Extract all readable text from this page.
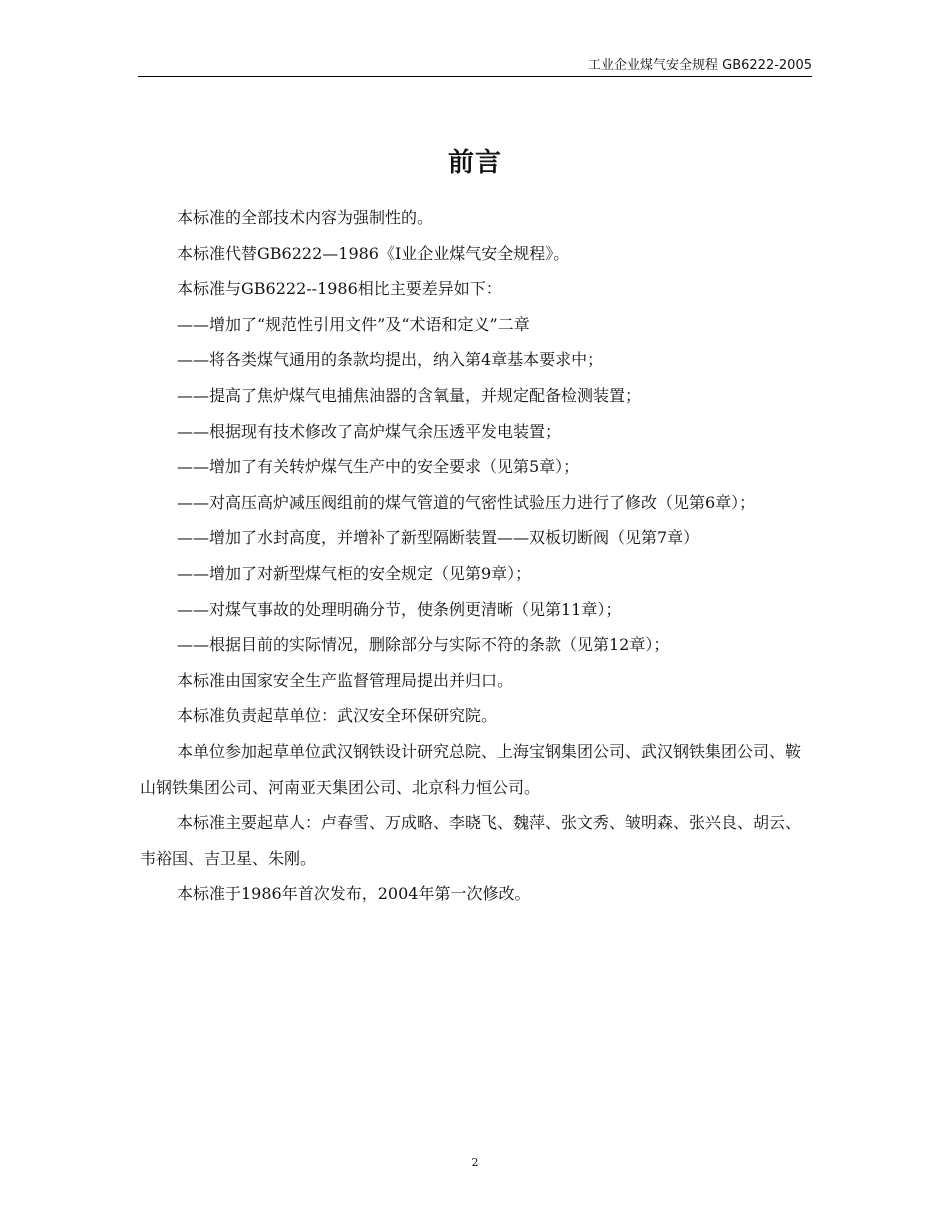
工业企业煤气安全规程 GB6222-2005
前言

本标准的全部技术内容为强制性的。

本标准代替GB6222—1986《I业企业煤气安全规程》。

本标准与GB6222--1986相比主要差异如下：

——增加了“规范性引用文件”及“术语和定义”二章

——将各类煤气通用的条款均提出，纳入第4章基本要求中；

——提高了焦炉煤气电捕焦油器的含氧量，并规定配备检测装置；

——根据现有技术修改了高炉煤气余压透平发电装置；

——增加了有关转炉煤气生产中的安全要求（见第5章）；

——对高压高炉减压阀组前的煤气管道的气密性试验压力进行了修改（见第6章）；

——增加了水封高度，并增补了新型隔断装置——双板切断阀（见第7章）

——增加了对新型煤气柜的安全规定（见第9章）；

——对煤气事故的处理明确分节，使条例更清晰（见第11章）；

——根据目前的实际情况，删除部分与实际不符的条款（见第12章）；

本标准由国家安全生产监督管理局提出并归口。

本标准负责起草单位：武汉安全环保研究院。

本单位参加起草单位武汉钢铁设计研究总院、上海宝钢集团公司、武汉钢铁集团公司、鞍山钢铁集团公司、河南亚天集团公司、北京科力恒公司。

本标准主要起草人：卢春雪、万成略、李晓飞、魏萍、张文秀、皱明森、张兴良、胡云、韦裕国、吉卫星、朱刚。

本标准于1986年首次发布，2004年第一次修改。

2
